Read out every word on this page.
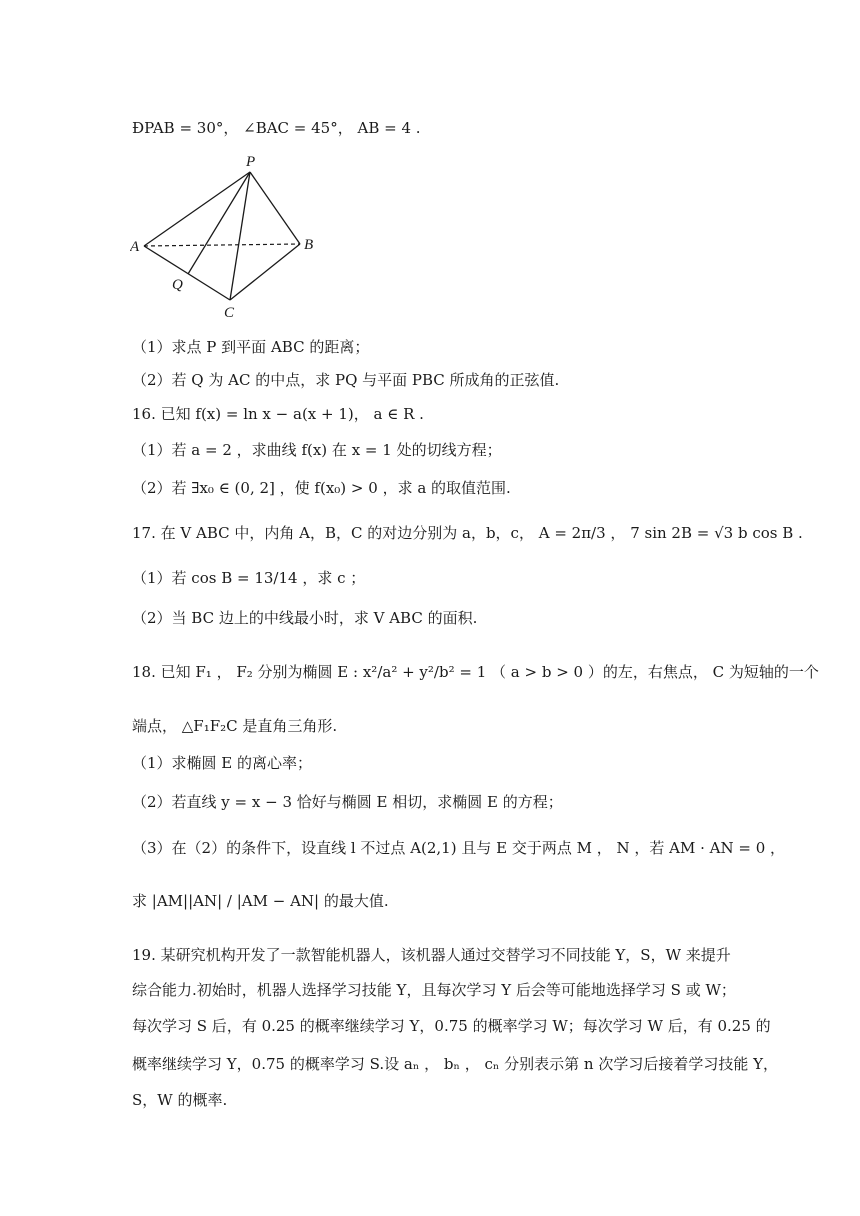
ÐPAB = 30°， ∠BAC = 45°， AB = 4 .
P
A	B
Q
C
（1）求点 P 到平面 ABC 的距离；
（2）若 Q 为 AC 的中点，求 PQ 与平面 PBC 所成角的正弦值.
16. 已知 f(x) = ln x − a(x + 1)， a ∈ R .
（1）若 a = 2 ，求曲线 f(x) 在 x = 1 处的切线方程；
（2）若 ∃x₀ ∈ (0, 2] ，使 f(x₀) > 0 ，求 a 的取值范围.
17. 在 V ABC 中，内角 A，B，C 的对边分别为 a，b，c， A = 2π/3 ， 7 sin 2B = √3 b cos B .
（1）若 cos B = 13/14 ，求 c ；
（2）当 BC 边上的中线最小时，求 V ABC 的面积.
18. 已知 F₁ ， F₂ 分别为椭圆 E : x²/a² + y²/b² = 1 （ a > b > 0 ）的左，右焦点， C 为短轴的一个
端点， △F₁F₂C 是直角三角形.
（1）求椭圆 E 的离心率；
（2）若直线 y = x − 3 恰好与椭圆 E 相切，求椭圆 E 的方程；
（3）在（2）的条件下，设直线 l 不过点 A(2,1) 且与 E 交于两点 M ， N ，若 AM · AN = 0 ，
求 |AM||AN| / |AM − AN| 的最大值.
19. 某研究机构开发了一款智能机器人，该机器人通过交替学习不同技能 Y，S，W 来提升
综合能力.初始时，机器人选择学习技能 Y，且每次学习 Y 后会等可能地选择学习 S 或 W；
每次学习 S 后，有 0.25 的概率继续学习 Y，0.75 的概率学习 W；每次学习 W 后，有 0.25 的
概率继续学习 Y，0.75 的概率学习 S.设 aₙ ， bₙ ， cₙ 分别表示第 n 次学习后接着学习技能 Y，
S，W 的概率.
